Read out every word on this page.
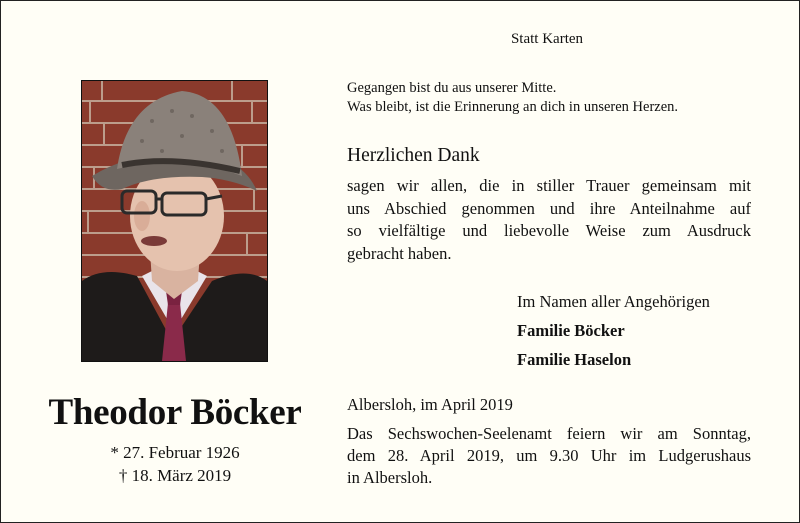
Statt Karten
Theodor Böcker
* 27. Februar 1926
† 18. März 2019
Gegangen bist du aus unserer Mitte.
Was bleibt, ist die Erinnerung an dich in unseren Herzen.
Herzlichen Dank
sagen wir allen, die in stiller Trauer gemeinsam mit
uns Abschied genommen und ihre Anteilnahme auf
so vielfältige und liebevolle Weise zum Ausdruck
gebracht haben.
Im Namen aller Angehörigen
Familie Böcker
Familie Haselon
Albersloh, im April 2019
Das Sechswochen-Seelenamt feiern wir am Sonntag,
dem 28. April 2019, um 9.30 Uhr im Ludgerushaus
in Albersloh.
